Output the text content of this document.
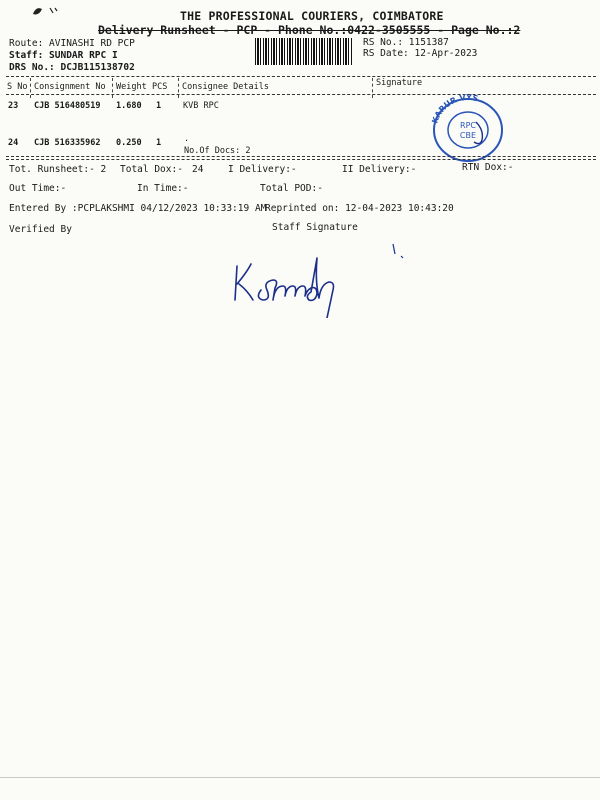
THE PROFESSIONAL COURIERS, COIMBATORE
Delivery Runsheet - PCP - Phone No.:0422-3505555 - Page No.:2
Route: AVINASHI RD PCP
Staff: SUNDAR RPC I
DRS No.: DCJB115138702
RS No.: 1151387
RS Date: 12-Apr-2023
S No Consignment No Weight PCS Consignee Details	Signature
23 CJB 516480519 1.680 1	KVB RPC
24 CJB 516335962 0.250 1	.
No.Of Docs: 2
KARUR VYS
RPC
CBE
Tot. Runsheet:- 2 Total Dox:- 24	I Delivery:-	II Delivery:-	RTN Dox:-
Out Time:-	In Time:-	Total POD:-
Entered By :PCPLAKSHMI 04/12/2023 10:33:19 AM
Reprinted on: 12-04-2023 10:43:20
Verified By	Staff Signature
